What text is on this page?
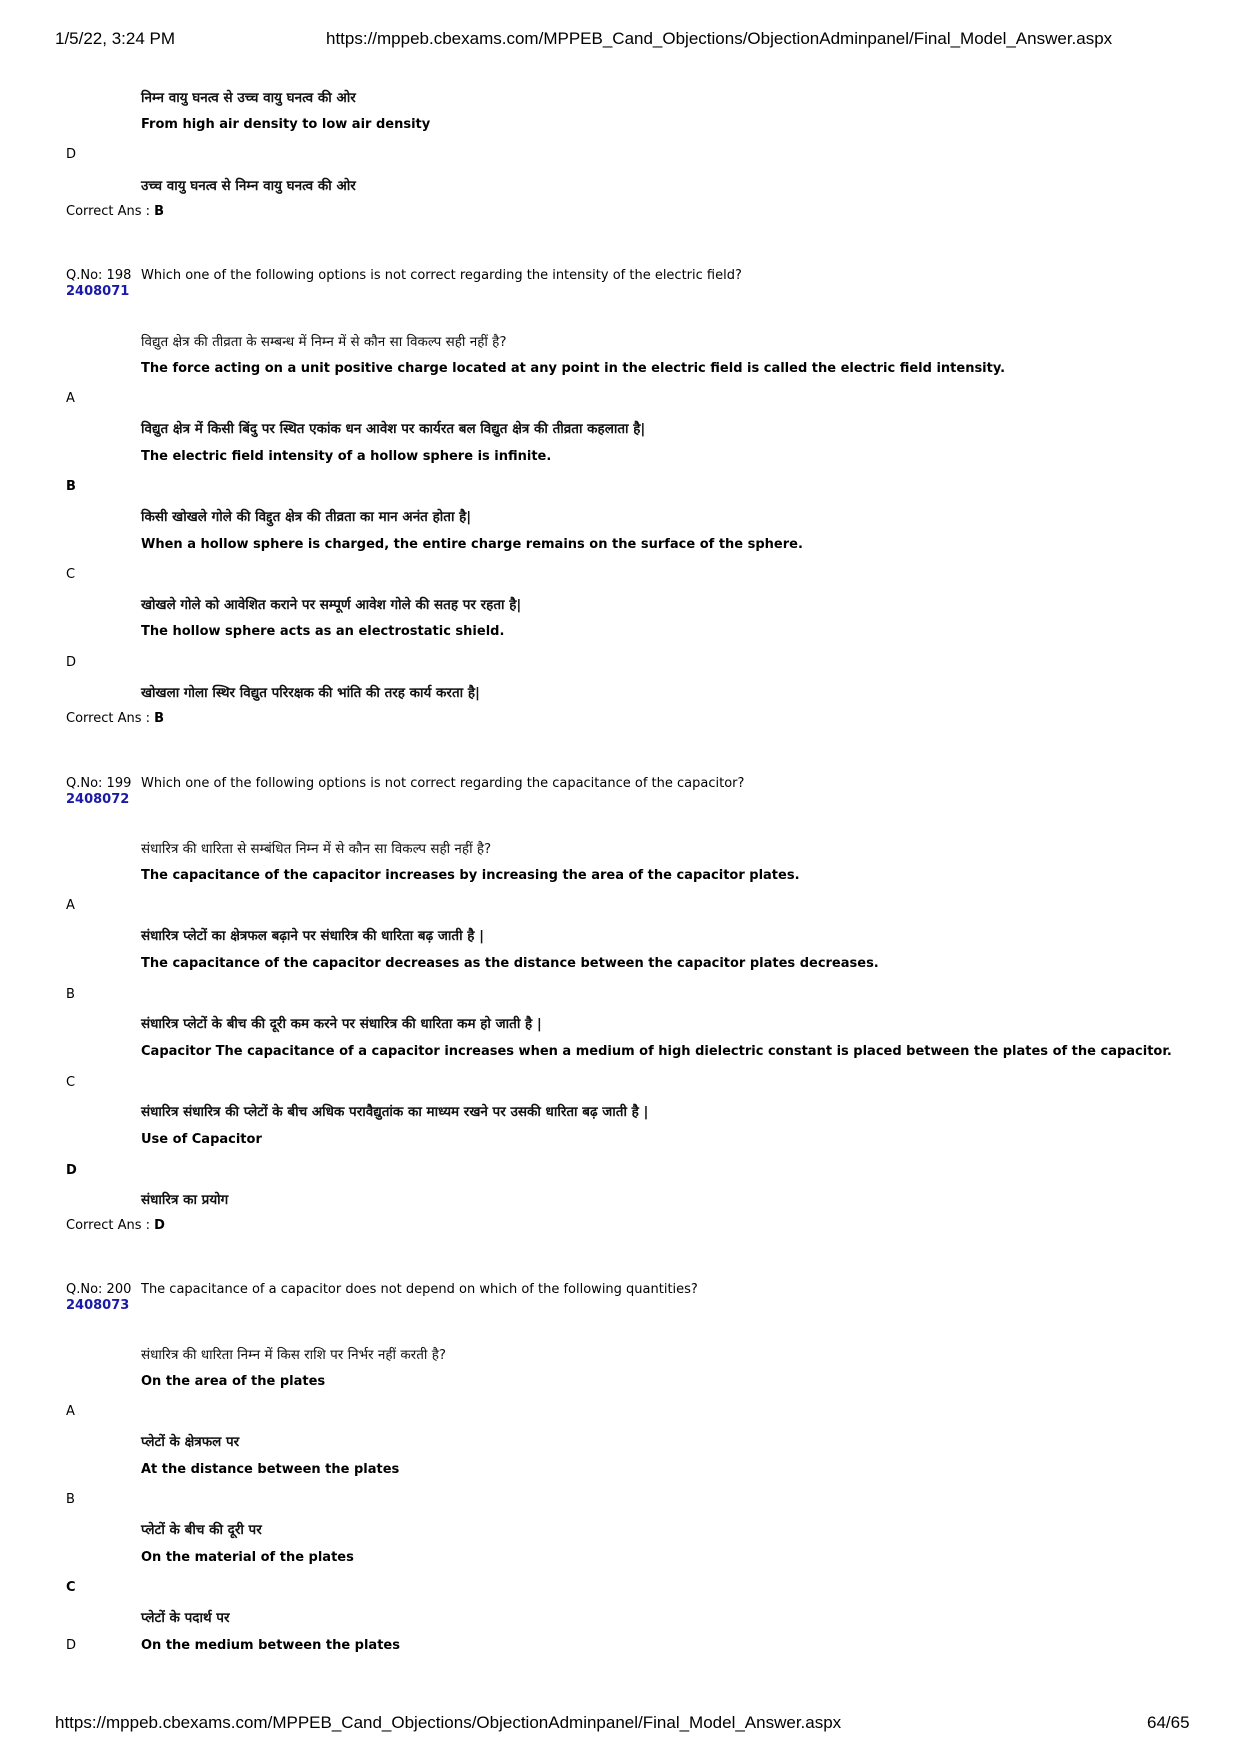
1/5/22, 3:24 PM	https://mppeb.cbexams.com/MPPEB_Cand_Objections/ObjectionAdminpanel/Final_Model_Answer.aspx
निम्न वायु घनत्व से उच्च वायु घनत्व की ओर
From high air density to low air density
D
उच्च वायु घनत्व से निम्न वायु घनत्व की ओर
Correct Ans : B
Q.No: 198 Which one of the following options is not correct regarding the intensity of the electric field?
2408071
विद्युत क्षेत्र की तीव्रता के सम्बन्ध में निम्न में से कौन सा विकल्प सही नहीं है?
The force acting on a unit positive charge located at any point in the electric field is called the electric field intensity.
A
विद्युत क्षेत्र में किसी बिंदु पर स्थित एकांक धन आवेश पर कार्यरत बल विद्युत क्षेत्र की तीव्रता कहलाता है|
The electric field intensity of a hollow sphere is infinite.
B
किसी खोखले गोले की विद्दुत क्षेत्र की तीव्रता का मान अनंत होता है|
When a hollow sphere is charged, the entire charge remains on the surface of the sphere.
C
खोखले गोले को आवेशित कराने पर सम्पूर्ण आवेश गोले की सतह पर रहता है|
The hollow sphere acts as an electrostatic shield.
D
खोखला गोला स्थिर विद्युत परिरक्षक की भांति की तरह कार्य करता है|
Correct Ans : B
Q.No: 199 Which one of the following options is not correct regarding the capacitance of the capacitor?
2408072
संधारित्र की धारिता से सम्बंधित निम्न में से कौन सा विकल्प सही नहीं है?
The capacitance of the capacitor increases by increasing the area of the capacitor plates.
A
संधारित्र प्लेटों का क्षेत्रफल बढ़ाने पर संधारित्र की धारिता बढ़ जाती है |
The capacitance of the capacitor decreases as the distance between the capacitor plates decreases.
B
संधारित्र प्लेटों के बीच की दूरी कम करने पर संधारित्र की धारिता कम हो जाती है |
Capacitor The capacitance of a capacitor increases when a medium of high dielectric constant is placed between the plates of the capacitor.
C
संधारित्र संधारित्र की प्लेटों के बीच अधिक परावैद्युतांक का माध्यम रखने पर उसकी धारिता बढ़ जाती है |
Use of Capacitor
D
संधारित्र का प्रयोग
Correct Ans : D
Q.No: 200 The capacitance of a capacitor does not depend on which of the following quantities?
2408073
संधारित्र की धारिता निम्न में किस राशि पर निर्भर नहीं करती है?
On the area of the plates
A
प्लेटों के क्षेत्रफल पर
At the distance between the plates
B
प्लेटों के बीच की दूरी पर
On the material of the plates
C
प्लेटों के पदार्थ पर
D	On the medium between the plates
https://mppeb.cbexams.com/MPPEB_Cand_Objections/ObjectionAdminpanel/Final_Model_Answer.aspx	64/65
